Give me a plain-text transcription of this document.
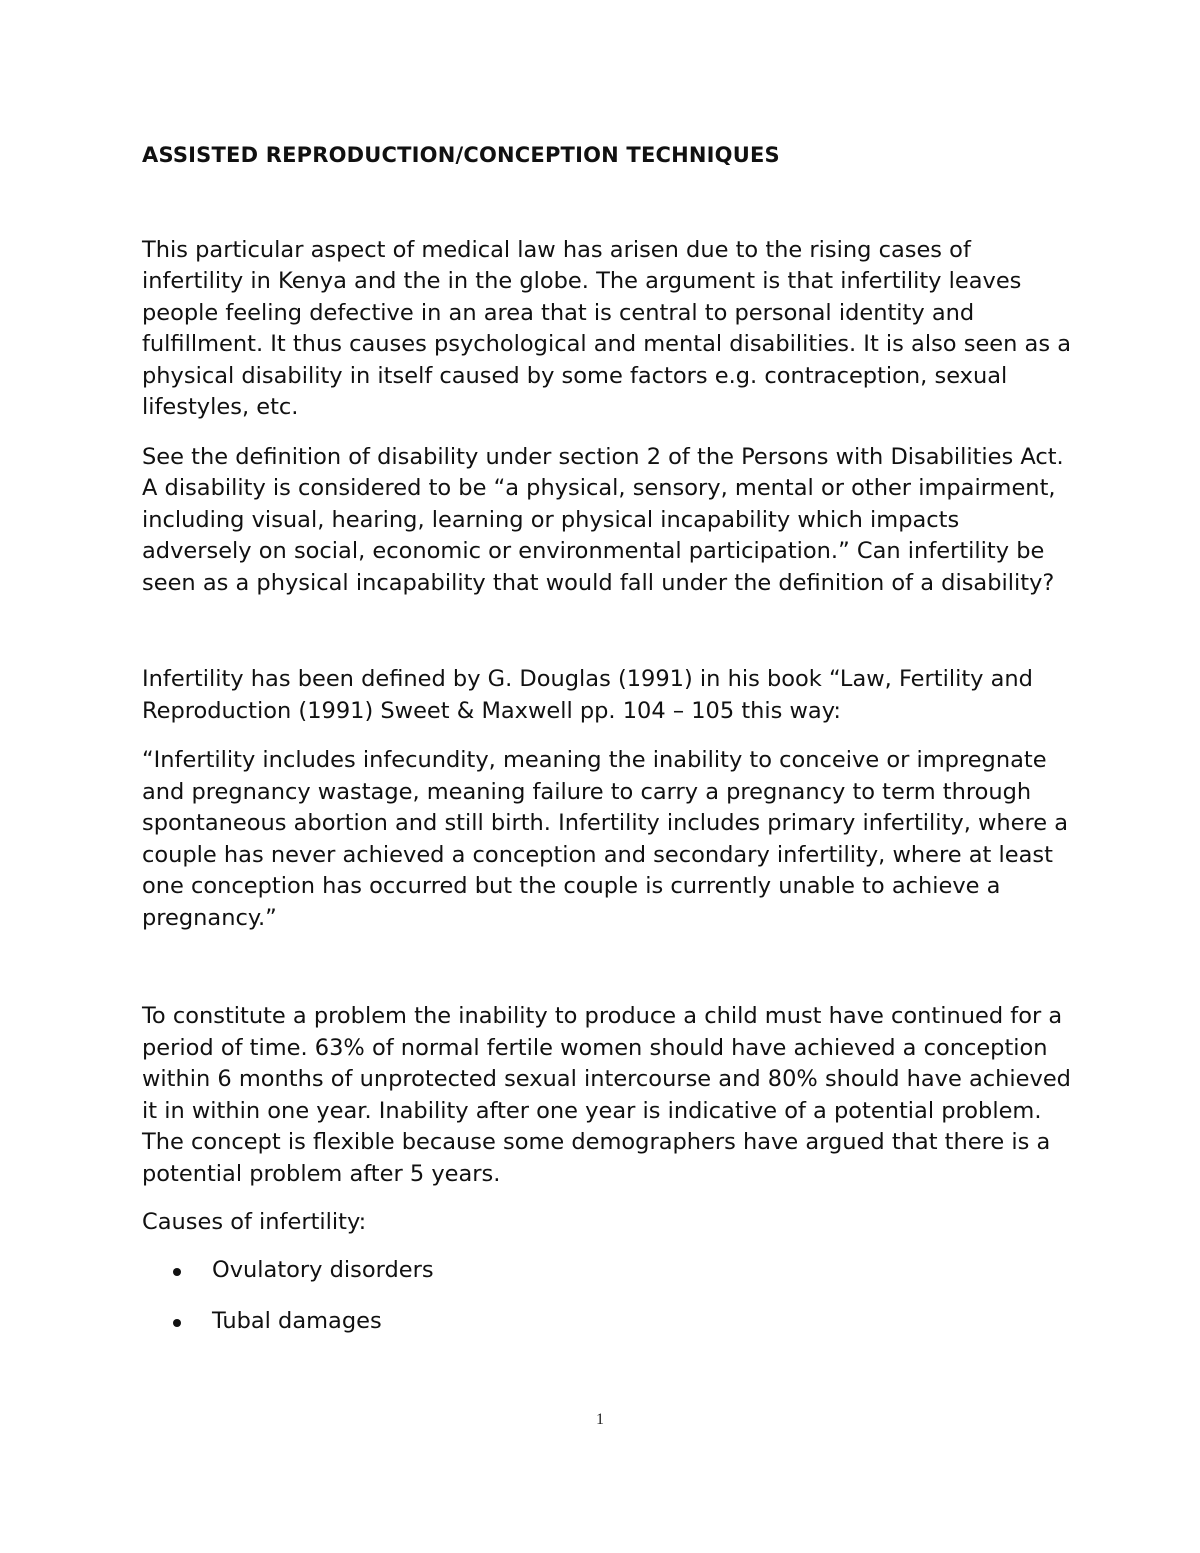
ASSISTED REPRODUCTION/CONCEPTION TECHNIQUES

This particular aspect of medical law has arisen due to the rising cases of infertility in Kenya and the in the globe. The argument is that infertility leaves people feeling defective in an area that is central to personal identity and fulfillment. It thus causes psychological and mental disabilities. It is also seen as a physical disability in itself caused by some factors e.g. contraception, sexual lifestyles, etc.

See the definition of disability under section 2 of the Persons with Disabilities Act. A disability is considered to be “a physical, sensory, mental or other impairment, including visual, hearing, learning or physical incapability which impacts adversely on social, economic or environmental participation.” Can infertility be seen as a physical incapability that would fall under the definition of a disability?

Infertility has been defined by G. Douglas (1991) in his book “Law, Fertility and Reproduction (1991) Sweet & Maxwell pp. 104 – 105 this way:

“Infertility includes infecundity, meaning the inability to conceive or impregnate and pregnancy wastage, meaning failure to carry a pregnancy to term through spontaneous abortion and still birth. Infertility includes primary infertility, where a couple has never achieved a conception and secondary infertility, where at least one conception has occurred but the couple is currently unable to achieve a pregnancy.”

To constitute a problem the inability to produce a child must have continued for a period of time. 63% of normal fertile women should have achieved a conception within 6 months of unprotected sexual intercourse and 80% should have achieved it in within one year. Inability after one year is indicative of a potential problem. The concept is flexible because some demographers have argued that there is a potential problem after 5 years.

Causes of infertility:

Ovulatory disorders
Tubal damages
1
